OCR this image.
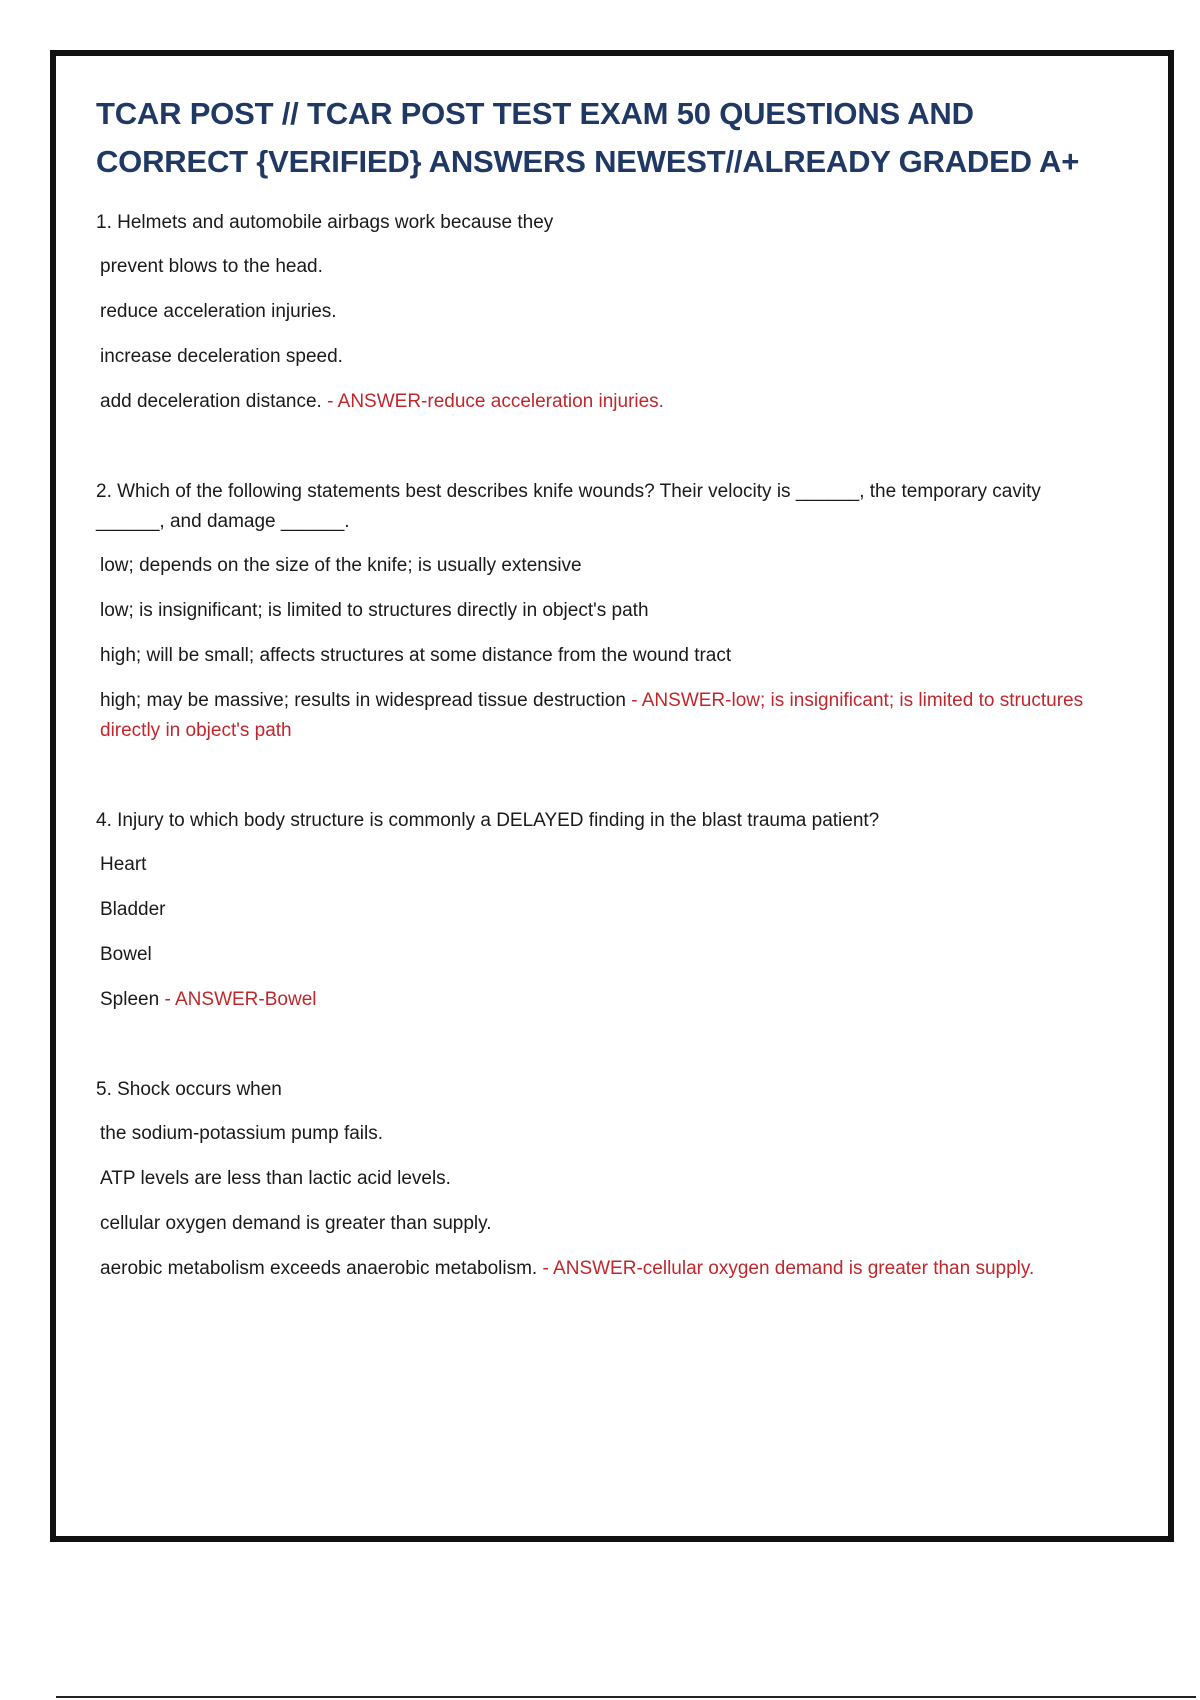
TCAR POST // TCAR POST TEST EXAM 50 QUESTIONS AND CORRECT {VERIFIED} ANSWERS NEWEST//ALREADY GRADED A+
1. Helmets and automobile airbags work because they
prevent blows to the head.
reduce acceleration injuries.
increase deceleration speed.
add deceleration distance. - ANSWER-reduce acceleration injuries.
2. Which of the following statements best describes knife wounds? Their velocity is ______, the temporary cavity ______, and damage ______.
low; depends on the size of the knife; is usually extensive
low; is insignificant; is limited to structures directly in object's path
high; will be small; affects structures at some distance from the wound tract
high; may be massive; results in widespread tissue destruction - ANSWER-low; is insignificant; is limited to structures directly in object's path
4. Injury to which body structure is commonly a DELAYED finding in the blast trauma patient?
Heart
Bladder
Bowel
Spleen - ANSWER-Bowel
5. Shock occurs when
the sodium-potassium pump fails.
ATP levels are less than lactic acid levels.
cellular oxygen demand is greater than supply.
aerobic metabolism exceeds anaerobic metabolism. - ANSWER-cellular oxygen demand is greater than supply.
